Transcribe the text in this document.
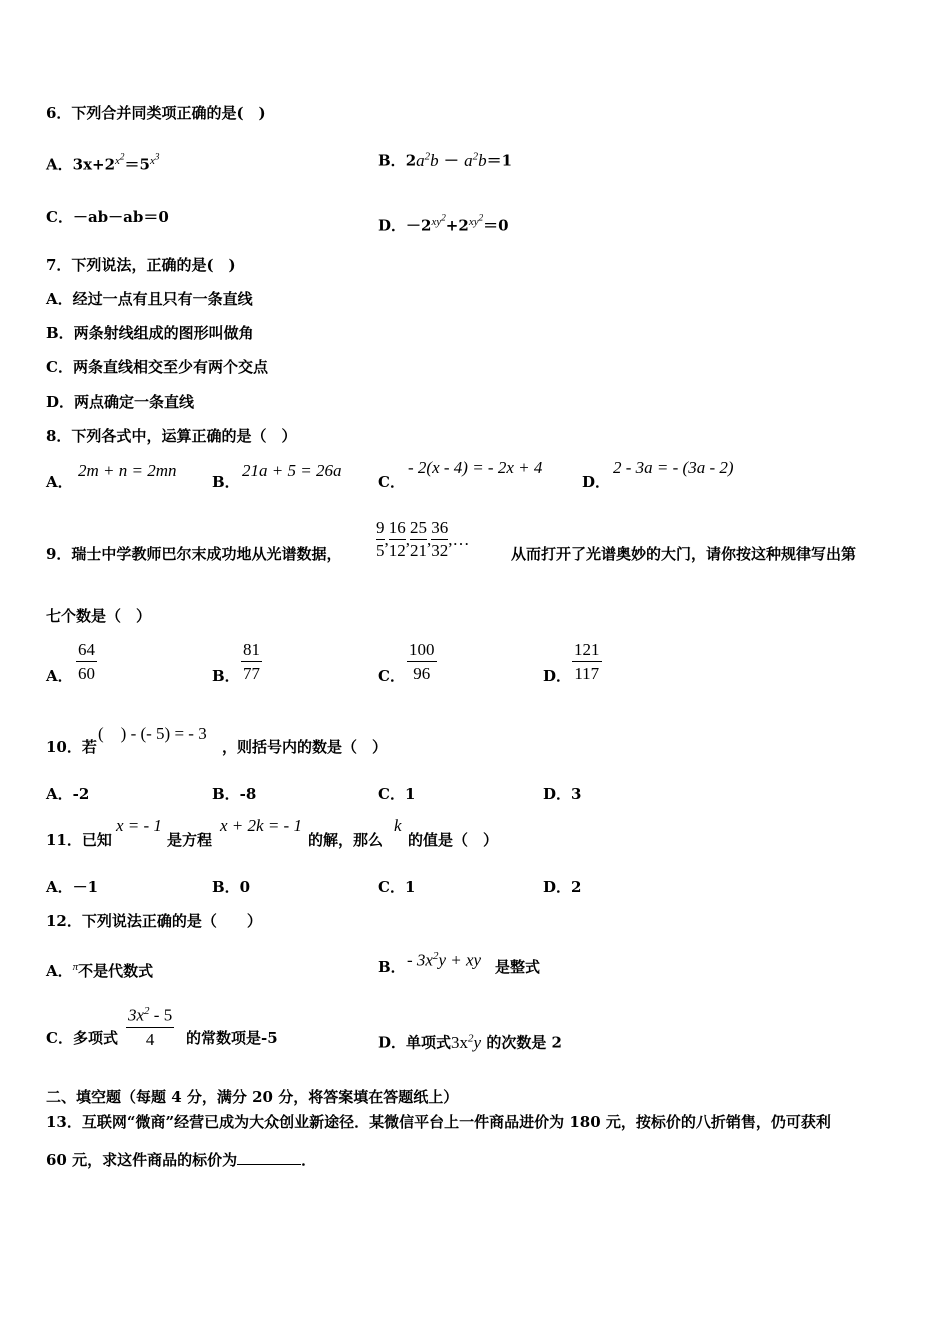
6．下列合并同类项正确的是(　)
A．$3x+2^{x^2}=5^{x^3}$	B．$2a^2b - a^2b=1$
C．－ab－ab＝0	D．$-2^{xy^2}+2^{xy^2}=0$
7．下列说法，正确的是(　)
A．经过一点有且只有一条直线
B．两条射线组成的图形叫做角
C．两条直线相交至少有两个交点
D．两点确定一条直线
8．下列各式中，运算正确的是（　）
A．
2m + n = 2mn
B．
21a + 5 = 26a
C．
- 2(x - 4) = - 2x + 4
D．
2 - 3a = - (3a - 2)
9．瑞士中学教师巴尔末成功地从光谱数据， $\frac{9}{5}$ , $\frac{16}{12}$ , $\frac{25}{21}$ , $\frac{36}{32}$ ,…
从而打开了光谱奥妙的大门，请你按这种规律写出第
七个数是（　）
A． $\frac{64}{60}$	B． $\frac{81}{77}$	C． $\frac{100}{96}$	D． $\frac{121}{117}$
10．若
( ) - (- 5) = - 3
，则括号内的数是（　）
A．-2	B．-8	C．1	D．3
11．已知
x = - 1
是方程
x + 2k = - 1
的解，那么
k
的值是（　）
A．－1	B．0	C．1	D．2
12．下列说法正确的是（　　）
A．$^\pi$不是代数式	B． - $3x^2y$ + xy 是整式
C．多项式 $\frac{3x^2 - 5}{4}$ 的常数项是-5	D．单项式$3x^2y$ 的次数是 2
二、填空题（每题 4 分，满分 20 分，将答案填在答题纸上）
13．互联网“微商”经营已成为大众创业新途径．某微信平台上一件商品进价为 180 元，按标价的八折销售，仍可获利
60 元，求这件商品的标价为	．
